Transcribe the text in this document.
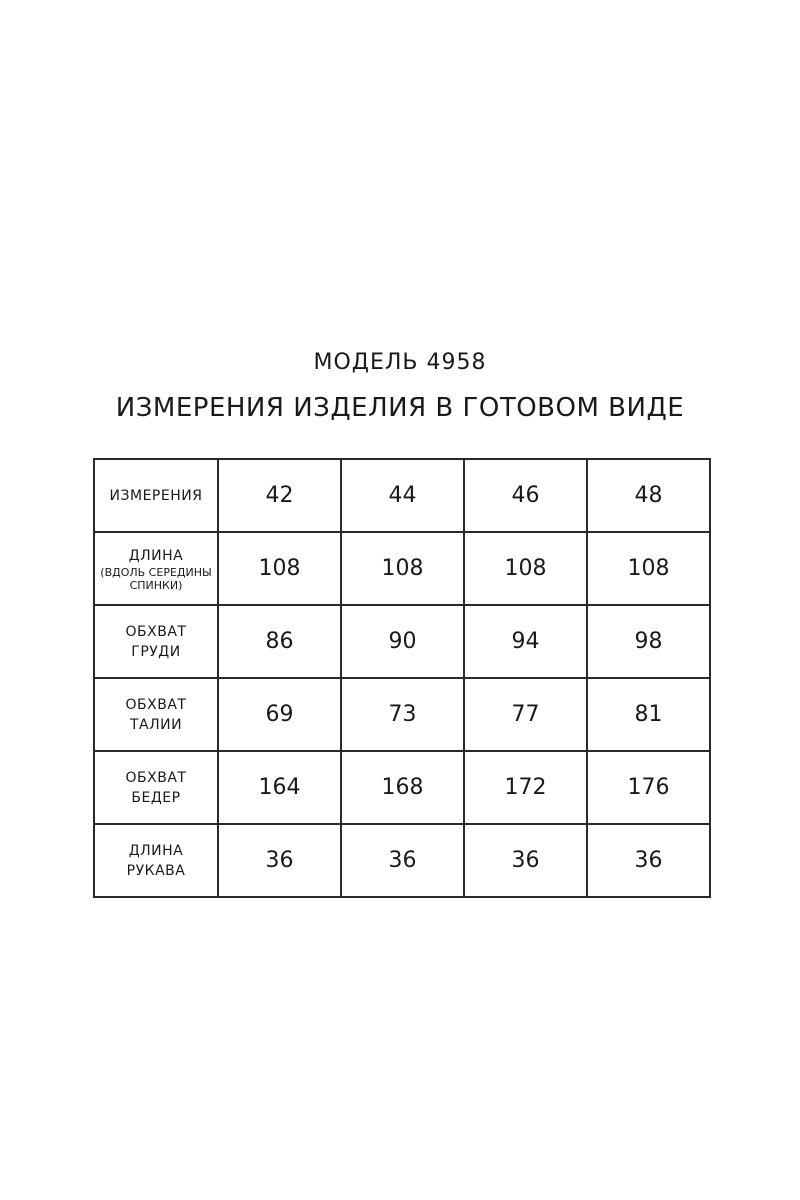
МОДЕЛЬ 4958
ИЗМЕРЕНИЯ ИЗДЕЛИЯ В ГОТОВОМ ВИДЕ
ИЗМЕРЕНИЯ	42	44	46	48
ДЛИНА
(ВДОЛЬ СЕРЕДИНЫ
СПИНКИ)	108	108	108	108
ОБХВАТ
ГРУДИ	86	90	94	98
ОБХВАТ
ТАЛИИ	69	73	77	81
ОБХВАТ
БЕДЕР	164	168	172	176
ДЛИНА
РУКАВА	36	36	36	36
